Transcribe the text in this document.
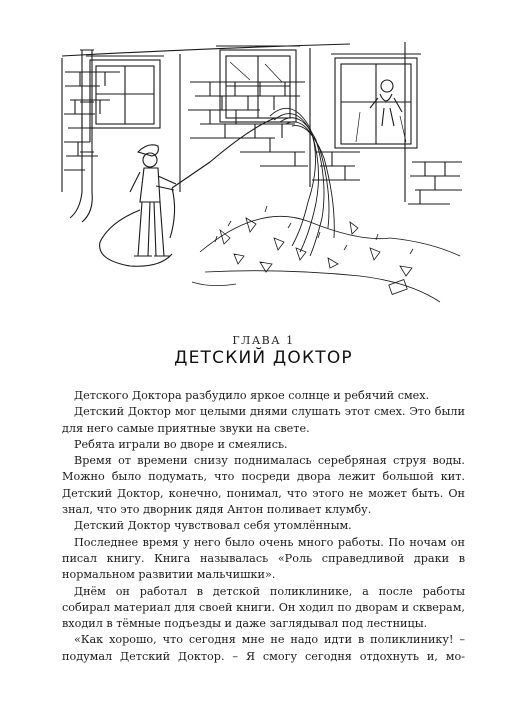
ГЛАВА 1
ДЕТСКИЙ ДОКТОР

Детского Доктора разбудило яркое солнце и ребячий смех.

Детский Доктор мог целыми днями слушать этот смех. Это были для него самые приятные звуки на свете.

Ребята играли во дворе и смеялись.

Время от времени снизу поднималась серебряная струя воды. Можно было подумать, что посреди двора лежит большой кит. Детский Доктор, конечно, понимал, что этого не может быть. Он знал, что это дворник дядя Антон поливает клумбу.

Детский Доктор чувствовал себя утомлённым.

Последнее время у него было очень много работы. По ночам он писал книгу. Книга называлась «Роль справедливой драки в нормальном развитии мальчишки».

Днём он работал в детской поликлинике, а после работы собирал материал для своей книги. Он ходил по дворам и скверам, входил в тёмные подъезды и даже заглядывал под лестницы.

«Как хорошо, что сегодня мне не надо идти в поликлинику! – подумал Детский Доктор. – Я смогу сегодня отдохнуть и, мо-
